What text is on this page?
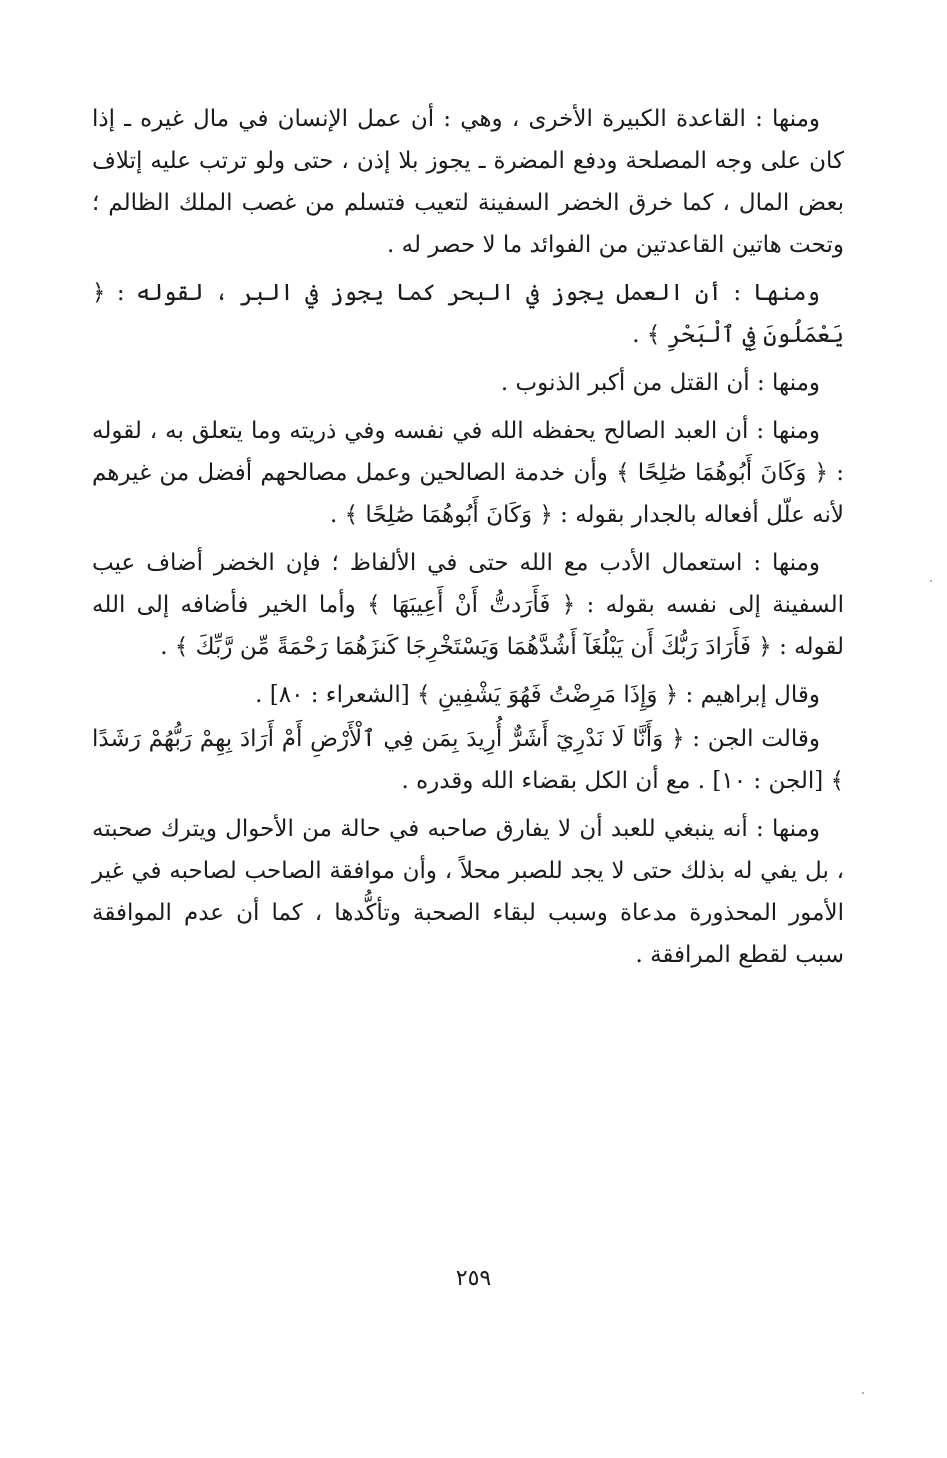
ومنها : القاعدة الكبيرة الأخرى ، وهي : أن عمل الإنسان في مال غيره ـ إذا كان على وجه المصلحة ودفع المضرة ـ يجوز بلا إذن ، حتى ولو ترتب عليه إتلاف بعض المال ، كما خرق الخضر السفينة لتعيب فتسلم من غصب الملك الظالم ؛ وتحت هاتين القاعدتين من الفوائد ما لا حصر له .

ومنها : أن العمل يجوز في البحر كما يجوز في البر ، لقوله : ﴿ يَعْمَلُونَ فِي ٱلْبَحْرِ ﴾ .

ومنها : أن القتل من أكبر الذنوب .

ومنها : أن العبد الصالح يحفظه الله في نفسه وفي ذريته وما يتعلق به ، لقوله : ﴿ وَكَانَ أَبُوهُمَا صَٰلِحًا ﴾ وأن خدمة الصالحين وعمل مصالحهم أفضل من غيرهم لأنه علّل أفعاله بالجدار بقوله : ﴿ وَكَانَ أَبُوهُمَا صَٰلِحًا ﴾ .

ومنها : استعمال الأدب مع الله حتى في الألفاظ ؛ فإن الخضر أضاف عيب السفينة إلى نفسه بقوله : ﴿ فَأَرَدتُّ أَنْ أَعِيبَهَا ﴾ وأما الخير فأضافه إلى الله لقوله : ﴿ فَأَرَادَ رَبُّكَ أَن يَبْلُغَآ أَشُدَّهُمَا وَيَسْتَخْرِجَا كَنزَهُمَا رَحْمَةً مِّن رَّبِّكَ ﴾ .

وقال إبراهيم : ﴿ وَإِذَا مَرِضْتُ فَهُوَ يَشْفِينِ ﴾ [الشعراء : ٨٠] .

وقالت الجن : ﴿ وَأَنَّا لَا نَدْرِيٓ أَشَرٌّ أُرِيدَ بِمَن فِي ٱلْأَرْضِ أَمْ أَرَادَ بِهِمْ رَبُّهُمْ رَشَدًا ﴾ [الجن : ١٠] . مع أن الكل بقضاء الله وقدره .

ومنها : أنه ينبغي للعبد أن لا يفارق صاحبه في حالة من الأحوال ويترك صحبته ، بل يفي له بذلك حتى لا يجد للصبر محلاً ، وأن موافقة الصاحب لصاحبه في غير الأمور المحذورة مدعاة وسبب لبقاء الصحبة وتأكُّدها ، كما أن عدم الموافقة سبب لقطع المرافقة .

٢٥٩
